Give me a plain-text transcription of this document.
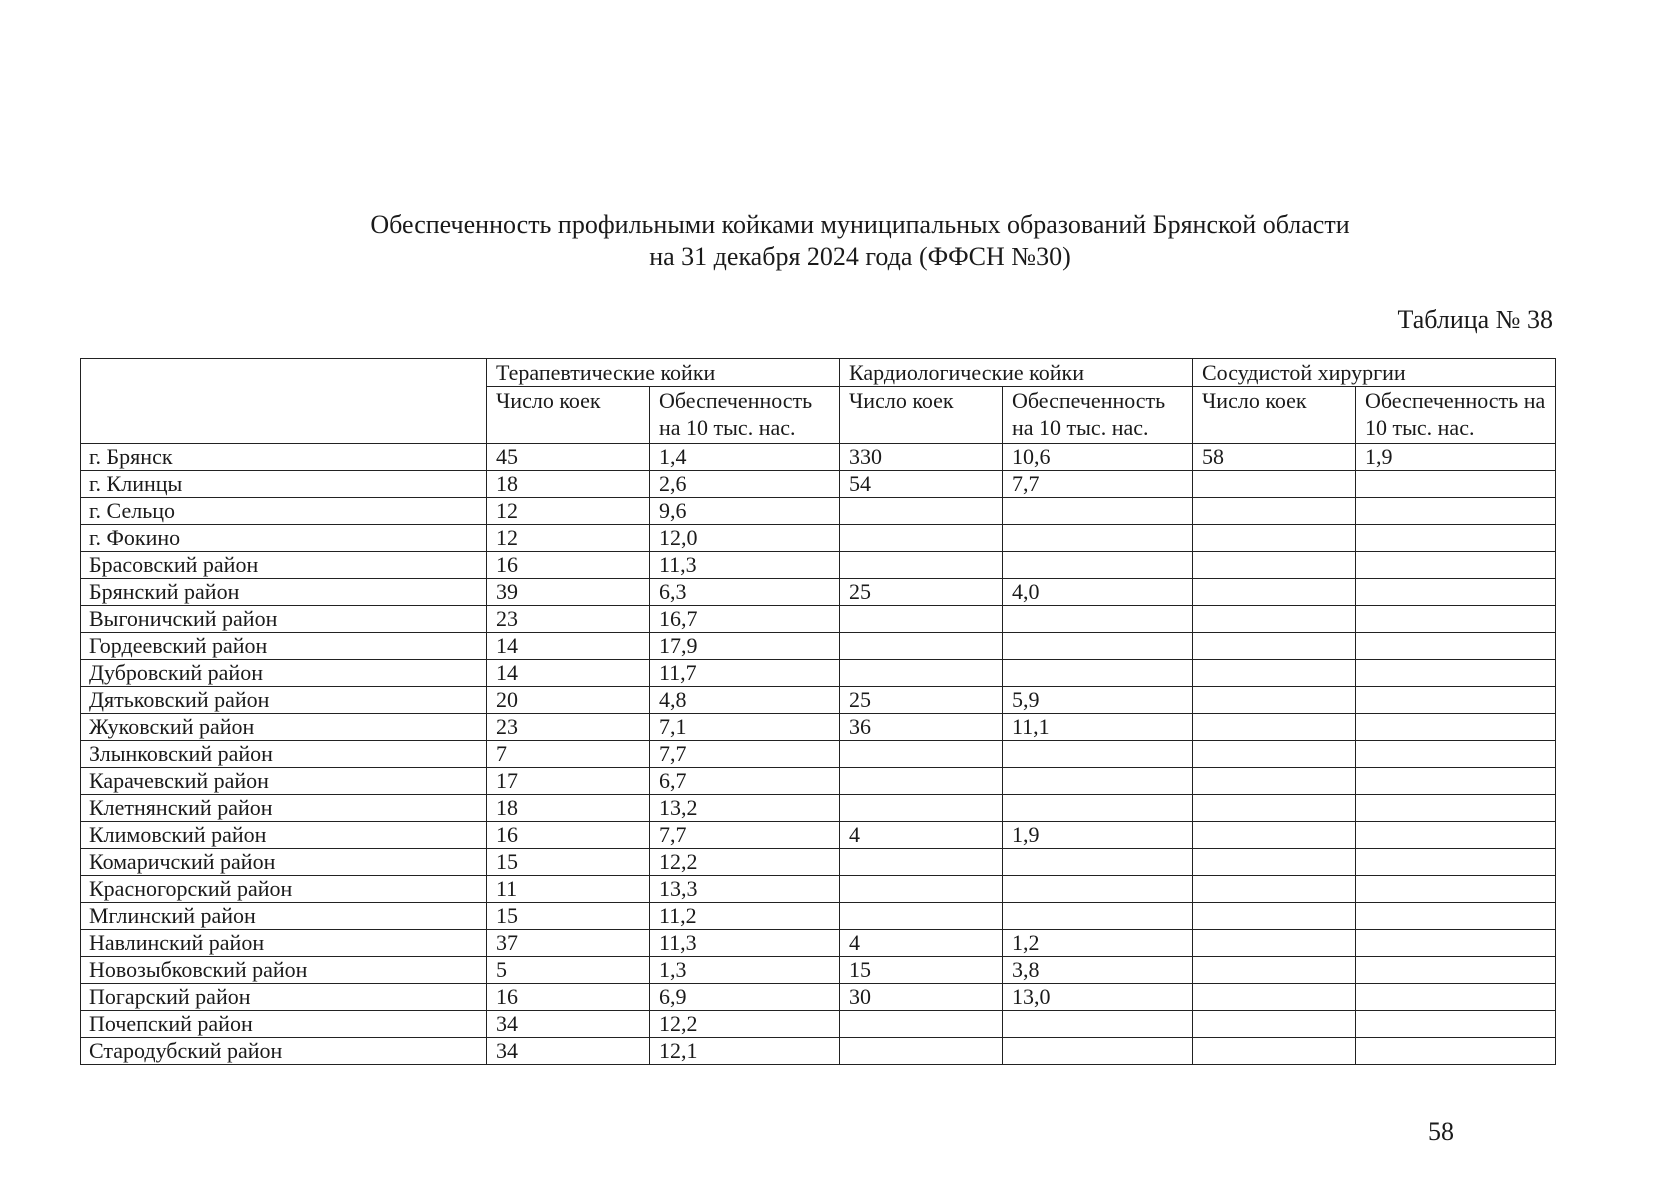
Обеспеченность профильными койками муниципальных образований Брянской области
на 31 декабря 2024 года (ФФСН №30)
Таблица № 38
	Терапевтические койки		Кардиологические койки		Сосудистой хирургии	
	Число коек	Обеспеченность на 10 тыс. нас.	Число коек	Обеспеченность на 10 тыс. нас.	Число коек	Обеспеченность на 10 тыс. нас.
г. Брянск	45	1,4	330	10,6	58	1,9
г. Клинцы	18	2,6	54	7,7		
г. Сельцо	12	9,6				
г. Фокино	12	12,0				
Брасовский район	16	11,3				
Брянский район	39	6,3	25	4,0		
Выгоничский район	23	16,7				
Гордеевский район	14	17,9				
Дубровский район	14	11,7				
Дятьковский район	20	4,8	25	5,9		
Жуковский район	23	7,1	36	11,1		
Злынковский район	7	7,7				
Карачевский район	17	6,7				
Клетнянский район	18	13,2				
Климовский район	16	7,7	4	1,9		
Комаричский район	15	12,2				
Красногорский район	11	13,3				
Мглинский район	15	11,2				
Навлинский район	37	11,3	4	1,2		
Новозыбковский район	5	1,3	15	3,8		
Погарский район	16	6,9	30	13,0		
Почепский район	34	12,2				
Стародубский район	34	12,1				
58
